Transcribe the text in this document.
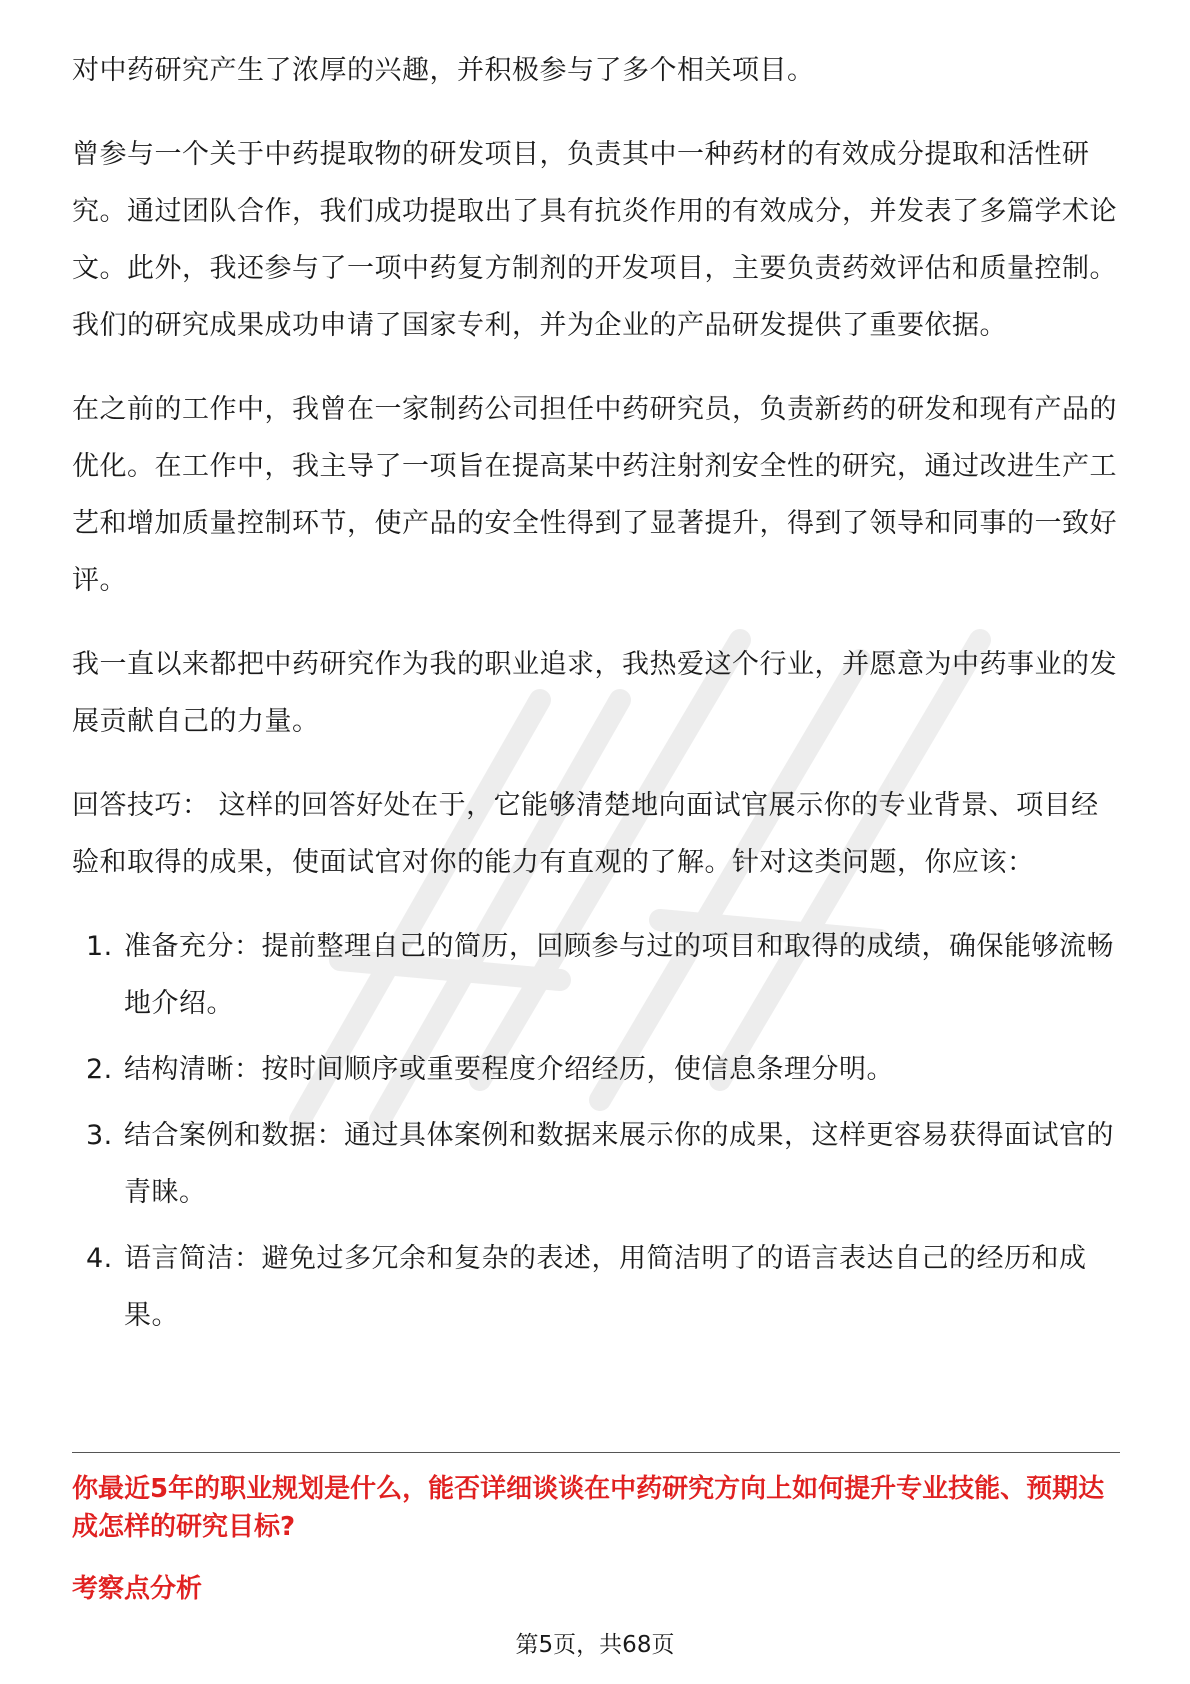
对中药研究产生了浓厚的兴趣，并积极参与了多个相关项目。

曾参与一个关于中药提取物的研发项目，负责其中一种药材的有效成分提取和活性研究。通过团队合作，我们成功提取出了具有抗炎作用的有效成分，并发表了多篇学术论文。此外，我还参与了一项中药复方制剂的开发项目，主要负责药效评估和质量控制。我们的研究成果成功申请了国家专利，并为企业的产品研发提供了重要依据。

在之前的工作中，我曾在一家制药公司担任中药研究员，负责新药的研发和现有产品的优化。在工作中，我主导了一项旨在提高某中药注射剂安全性的研究，通过改进生产工艺和增加质量控制环节，使产品的安全性得到了显著提升，得到了领导和同事的一致好评。

我一直以来都把中药研究作为我的职业追求，我热爱这个行业，并愿意为中药事业的发展贡献自己的力量。

回答技巧： 这样的回答好处在于，它能够清楚地向面试官展示你的专业背景、项目经验和取得的成果，使面试官对你的能力有直观的了解。针对这类问题，你应该：

1. 准备充分：提前整理自己的简历，回顾参与过的项目和取得的成绩，确保能够流畅地介绍。
2. 结构清晰：按时间顺序或重要程度介绍经历，使信息条理分明。
3. 结合案例和数据：通过具体案例和数据来展示你的成果，这样更容易获得面试官的青睐。
4. 语言简洁：避免过多冗余和复杂的表述，用简洁明了的语言表达自己的经历和成果。
你最近5年的职业规划是什么，能否详细谈谈在中药研究方向上如何提升专业技能、预期达成怎样的研究目标?
考察点分析
第5页，共68页
